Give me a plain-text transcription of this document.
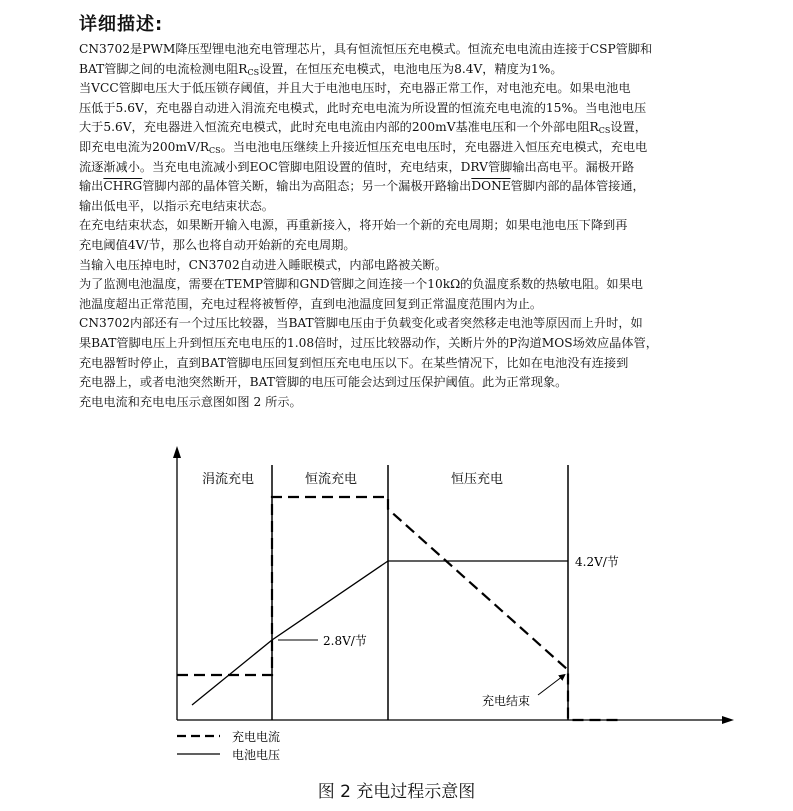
详细描述:
CN3702是PWM降压型锂电池充电管理芯片，具有恒流恒压充电模式。恒流充电电流由连接于CSP管脚和
BAT管脚之间的电流检测电阻$R_{CS}$设置，在恒压充电模式，电池电压为8.4V，精度为1%。
当VCC管脚电压大于低压锁存阈值，并且大于电池电压时，充电器正常工作，对电池充电。如果电池电
压低于5.6V，充电器自动进入涓流充电模式，此时充电电流为所设置的恒流充电电流的15%。当电池电压
大于5.6V，充电器进入恒流充电模式，此时充电电流由内部的200mV基准电压和一个外部电阻$R_{CS}$设置，
即充电电流为$200mV/R_{CS}$。当电池电压继续上升接近恒压充电电压时，充电器进入恒压充电模式，充电电
流逐渐减小。当充电电流减小到EOC管脚电阻设置的值时，充电结束，DRV管脚输出高电平。漏极开路
输出CHRG管脚内部的晶体管关断，输出为高阻态；另一个漏极开路输出DONE管脚内部的晶体管接通，
输出低电平，以指示充电结束状态。
在充电结束状态，如果断开输入电源，再重新接入，将开始一个新的充电周期；如果电池电压下降到再
充电阈值4V/节，那么也将自动开始新的充电周期。
当输入电压掉电时，CN3702自动进入睡眠模式，内部电路被关断。
为了监测电池温度，需要在TEMP管脚和GND管脚之间连接一个10kΩ的负温度系数的热敏电阻。如果电
池温度超出正常范围，充电过程将被暂停，直到电池温度回复到正常温度范围内为止。
CN3702内部还有一个过压比较器，当BAT管脚电压由于负载变化或者突然移走电池等原因而上升时，如
果BAT管脚电压上升到恒压充电电压的1.08倍时，过压比较器动作，关断片外的P沟道MOS场效应晶体管，
充电器暂时停止，直到BAT管脚电压回复到恒压充电电压以下。在某些情况下，比如在电池没有连接到
充电器上，或者电池突然断开，BAT管脚的电压可能会达到过压保护阈值。此为正常现象。
充电电流和充电电压示意图如图 2 所示。
涓流充电	恒流充电	恒压充电
4.2V/节
2.8V/节
充电结束
充电电流
电池电压
图 2 充电过程示意图
